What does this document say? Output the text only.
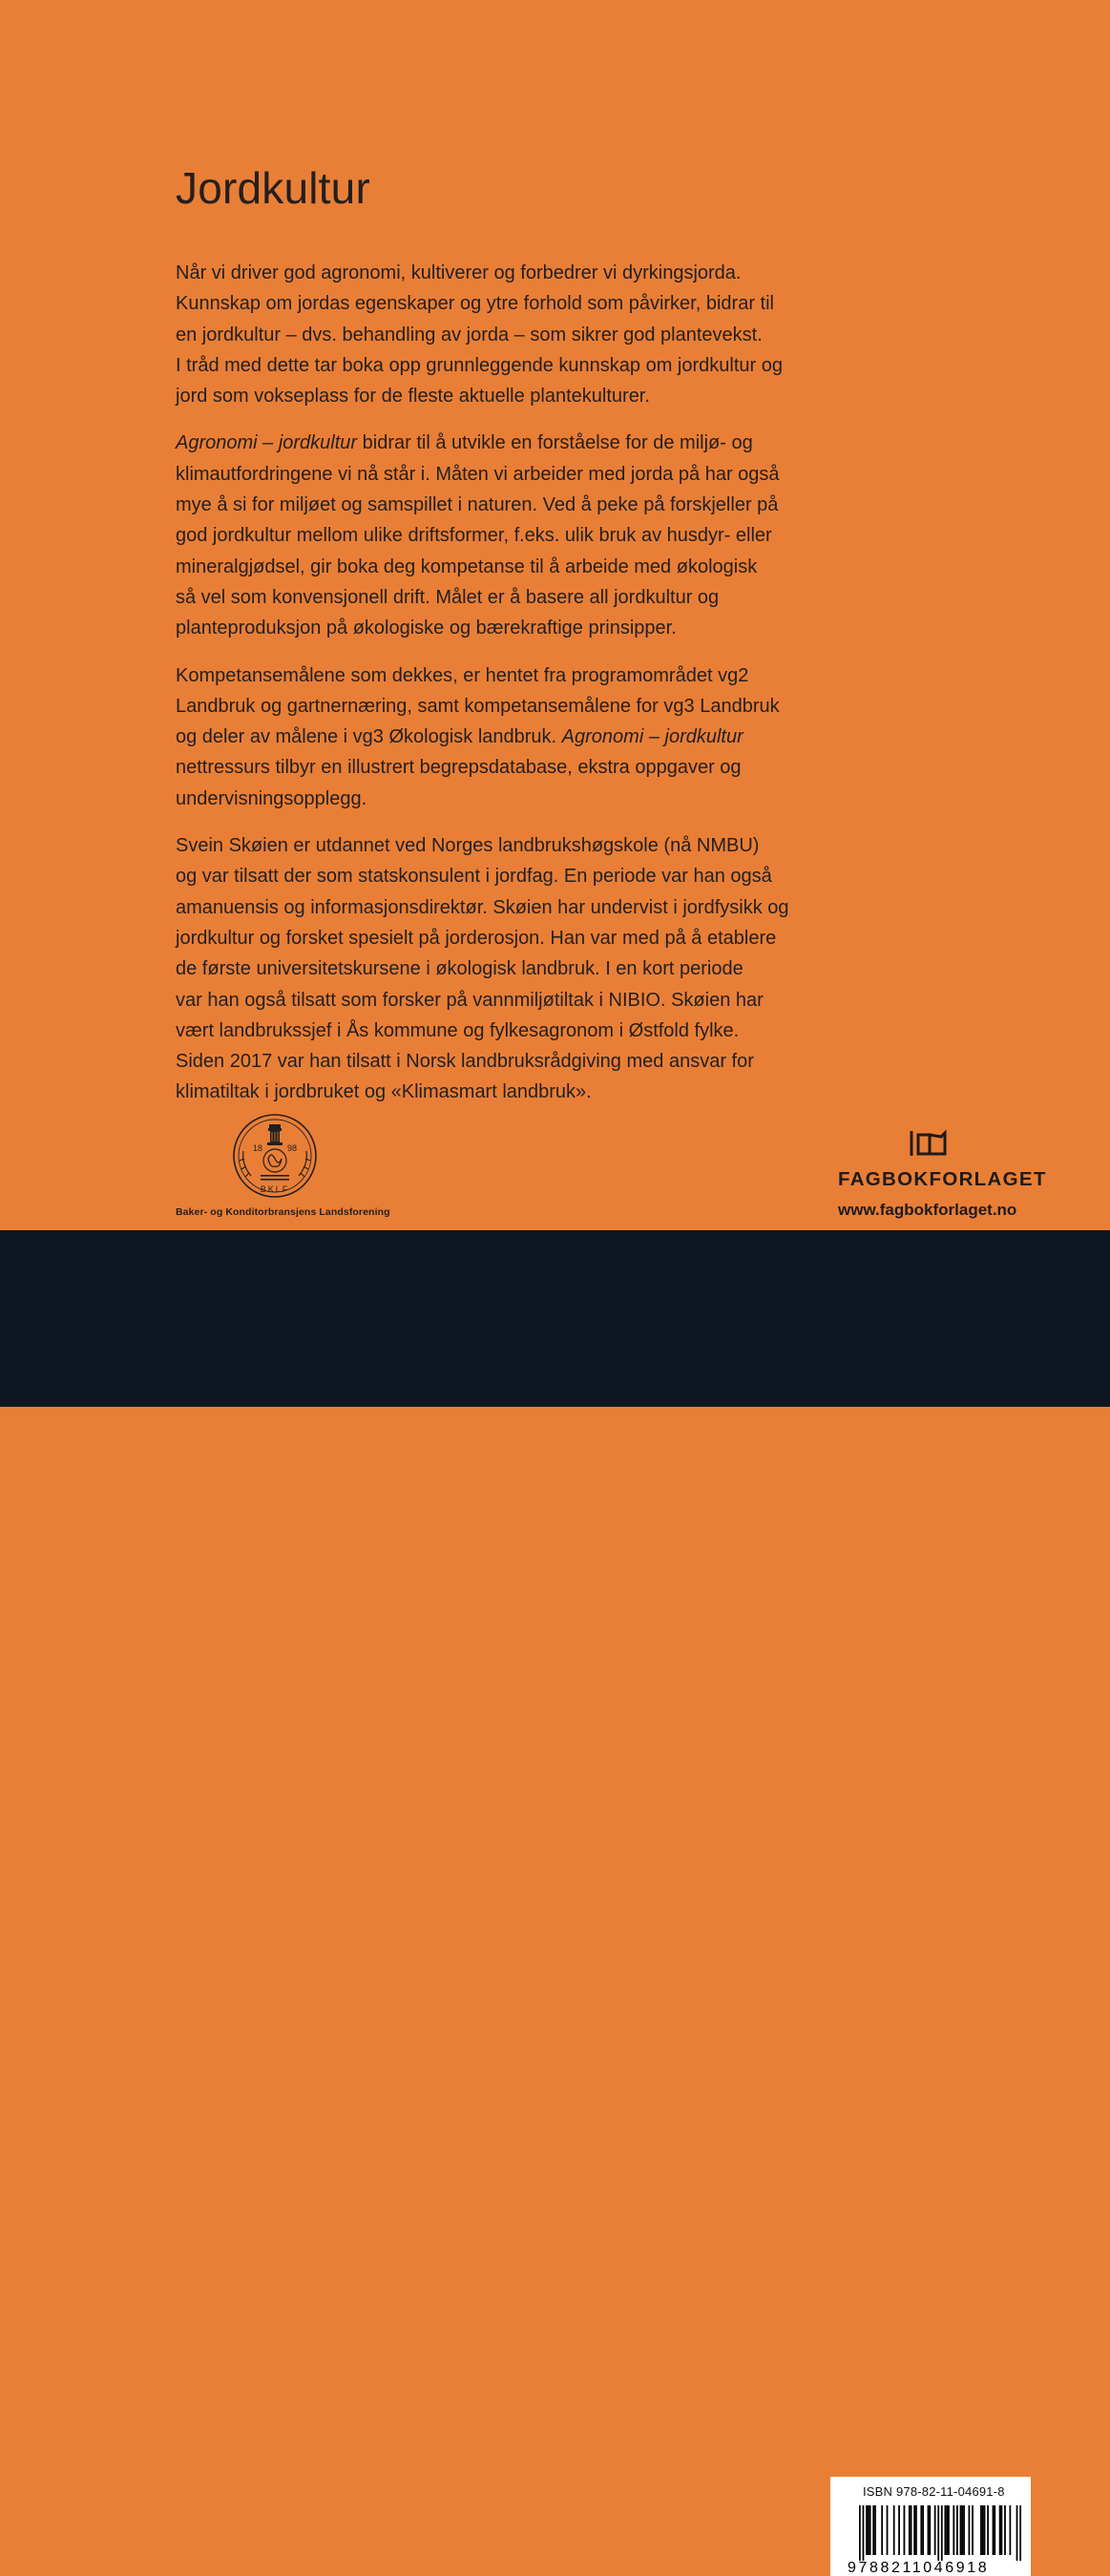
Jordkultur

Når vi driver god agronomi, kultiverer og forbedrer vi dyrkingsjorda.
Kunnskap om jordas egenskaper og ytre forhold som påvirker, bidrar til
en jordkultur – dvs. behandling av jorda – som sikrer god plantevekst.
I tråd med dette tar boka opp grunnleggende kunnskap om jordkultur og
jord som vokseplass for de fleste aktuelle plantekulturer.

Agronomi – jordkultur bidrar til å utvikle en forståelse for de miljø- og
klimautfordringene vi nå står i. Måten vi arbeider med jorda på har også
mye å si for miljøet og samspillet i naturen. Ved å peke på forskjeller på
god jordkultur mellom ulike driftsformer, f.eks. ulik bruk av husdyr- eller
mineralgjødsel, gir boka deg kompetanse til å arbeide med økologisk
så vel som konvensjonell drift. Målet er å basere all jordkultur og
planteproduksjon på økologiske og bærekraftige prinsipper.

Kompetansemålene som dekkes, er hentet fra programområdet vg2
Landbruk og gartnernæring, samt kompetansemålene for vg3 Landbruk
og deler av målene i vg3 Økologisk landbruk. Agronomi – jordkultur
nettressurs tilbyr en illustrert begrepsdatabase, ekstra oppgaver og
undervisningsopplegg.

Svein Skøien er utdannet ved Norges landbrukshøgskole (nå NMBU)
og var tilsatt der som statskonsulent i jordfag. En periode var han også
amanuensis og informasjonsdirektør. Skøien har undervist i jordfysikk og
jordkultur og forsket spesielt på jorderosjon. Han var med på å etablere
de første universitetskursene i økologisk landbruk. I en kort periode
var han også tilsatt som forsker på vannmiljøtiltak i NIBIO. Skøien har
vært landbrukssjef i Ås kommune og fylkesagronom i Østfold fylke.
Siden 2017 var han tilsatt i Norsk landbruksrådgiving med ansvar for
klimatiltak i jordbruket og «Klimasmart landbruk».

18	98
BKLF
Baker- og Konditorbransjens Landsforening
FAGBOKFORLAGET
www.fagbokforlaget.no
ISBN 978-82-11-04691-8
9788211046918
